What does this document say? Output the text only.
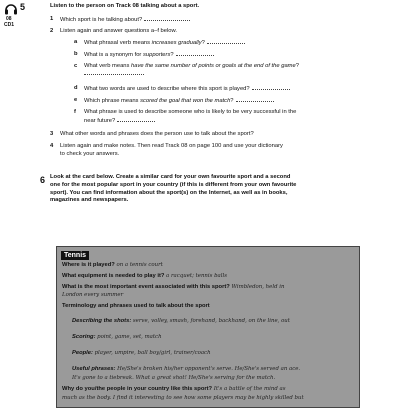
5
08
CD1
Listen to the person on Track 08 talking about a sport.
1 Which sport is he talking about?
2 Listen again and answer questions a–f below.
a What phrasal verb means increases gradually?
b What is a synonym for supporters?
c What verb means have the same number of points or goals at the end of the game?
d What two words are used to describe where this sport is played?
e Which phrase means scored the goal that won the match?
f What phrase is used to describe someone who is likely to be very successful in the
near future?
3 What other words and phrases does the person use to talk about the sport?
4 Listen again and make notes. Then read Track 08 on page 100 and use your dictionary
to check your answers.
6 Look at the card below. Create a similar card for your own favourite sport and a second
one for the most popular sport in your country (if this is different from your own favourite
sport). You can find information about the sport(s) on the Internet, as well as in books,
magazines and newspapers.
Tennis
Where is it played? on a tennis court
What equipment is needed to play it? a racquet; tennis balls
What is the most important event associated with this sport? Wimbledon, held in
London every summer
Terminology and phrases used to talk about the sport
Describing the shots: serve, volley, smash, forehand, backhand, on the line, out
Scoring: point, game, set, match
People: player, umpire, ball boy/girl, trainer/coach
Useful phrases: He/She's broken his/her opponent's serve. He/She's served an ace.
It's gone to a tiebreak. What a great shot! He/She's serving for the match.
Why do you/the people in your country like this sport? It's a battle of the mind as
much as the body. I find it interesting to see how some players may be highly skilled but
